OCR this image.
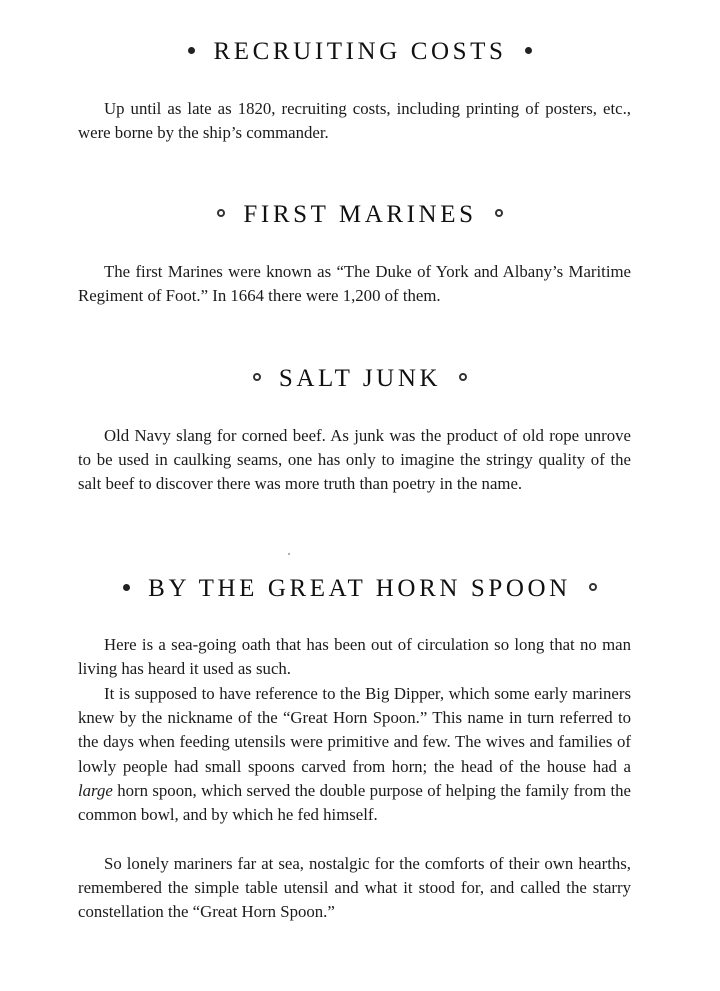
RECRUITING COSTS
Up until as late as 1820, recruiting costs, including printing of posters, etc., were borne by the ship’s commander.
FIRST MARINES
The first Marines were known as “The Duke of York and Albany’s Maritime Regiment of Foot.” In 1664 there were 1,200 of them.
SALT JUNK
Old Navy slang for corned beef. As junk was the product of old rope unrove to be used in caulking seams, one has only to imagine the stringy quality of the salt beef to discover there was more truth than poetry in the name.
BY THE GREAT HORN SPOON
Here is a sea-going oath that has been out of circulation so long that no man living has heard it used as such.
It is supposed to have reference to the Big Dipper, which some early mariners knew by the nickname of the “Great Horn Spoon.” This name in turn referred to the days when feeding utensils were primitive and few. The wives and families of lowly people had small spoons carved from horn; the head of the house had a large horn spoon, which served the double purpose of helping the family from the common bowl, and by which he fed himself.
So lonely mariners far at sea, nostalgic for the comforts of their own hearths, remembered the simple table utensil and what it stood for, and called the starry constellation the “Great Horn Spoon.”
